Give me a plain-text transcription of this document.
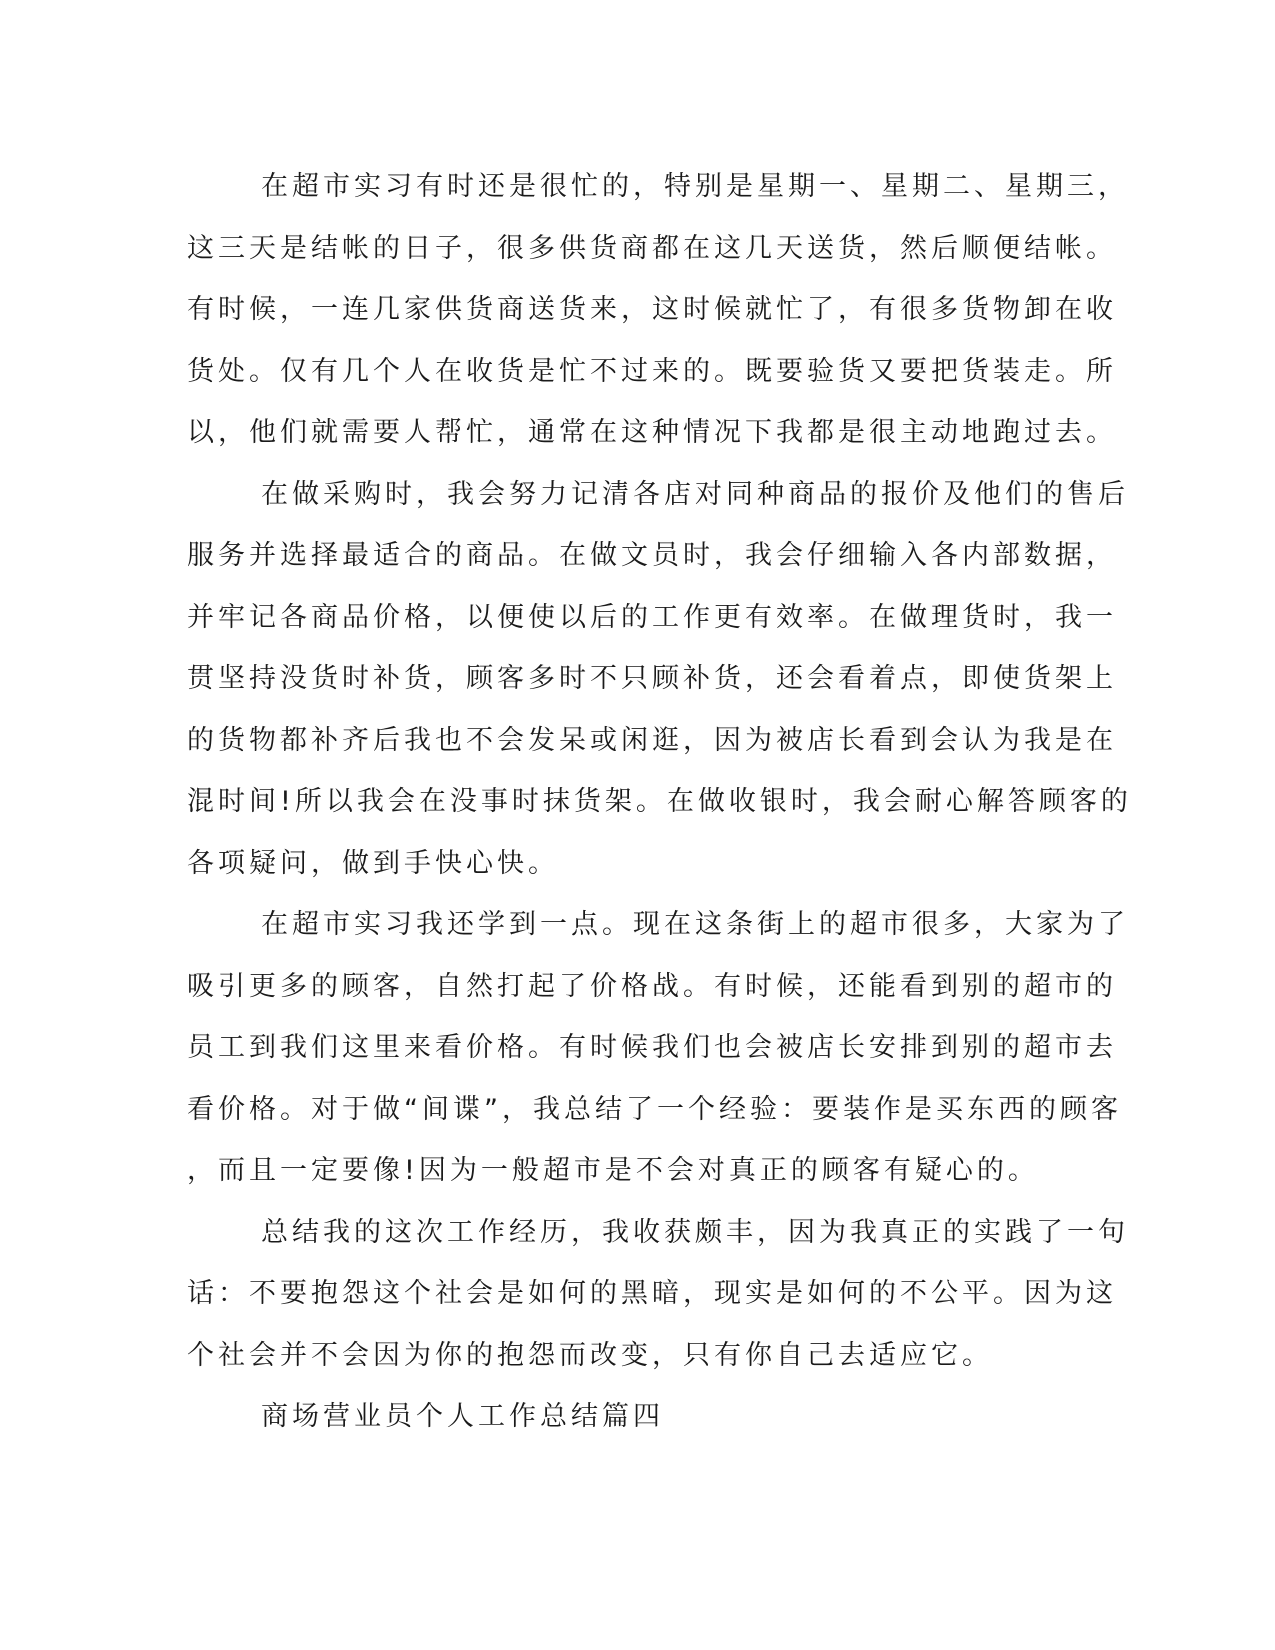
在超市实习有时还是很忙的，特别是星期一、星期二、星期三，
这三天是结帐的日子，很多供货商都在这几天送货，然后顺便结帐。
有时候，一连几家供货商送货来，这时候就忙了，有很多货物卸在收
货处。仅有几个人在收货是忙不过来的。既要验货又要把货装走。所
以，他们就需要人帮忙，通常在这种情况下我都是很主动地跑过去。
在做采购时，我会努力记清各店对同种商品的报价及他们的售后
服务并选择最适合的商品。在做文员时，我会仔细输入各内部数据，
并牢记各商品价格，以便使以后的工作更有效率。在做理货时，我一
贯坚持没货时补货，顾客多时不只顾补货，还会看着点，即使货架上
的货物都补齐后我也不会发呆或闲逛，因为被店长看到会认为我是在
混时间!所以我会在没事时抹货架。在做收银时，我会耐心解答顾客的
各项疑问，做到手快心快。
在超市实习我还学到一点。现在这条街上的超市很多，大家为了
吸引更多的顾客，自然打起了价格战。有时候，还能看到别的超市的
员工到我们这里来看价格。有时候我们也会被店长安排到别的超市去
看价格。对于做“间谍”，我总结了一个经验：要装作是买东西的顾客
，而且一定要像!因为一般超市是不会对真正的顾客有疑心的。
总结我的这次工作经历，我收获颇丰，因为我真正的实践了一句
话：不要抱怨这个社会是如何的黑暗，现实是如何的不公平。因为这
个社会并不会因为你的抱怨而改变，只有你自己去适应它。
商场营业员个人工作总结篇四
